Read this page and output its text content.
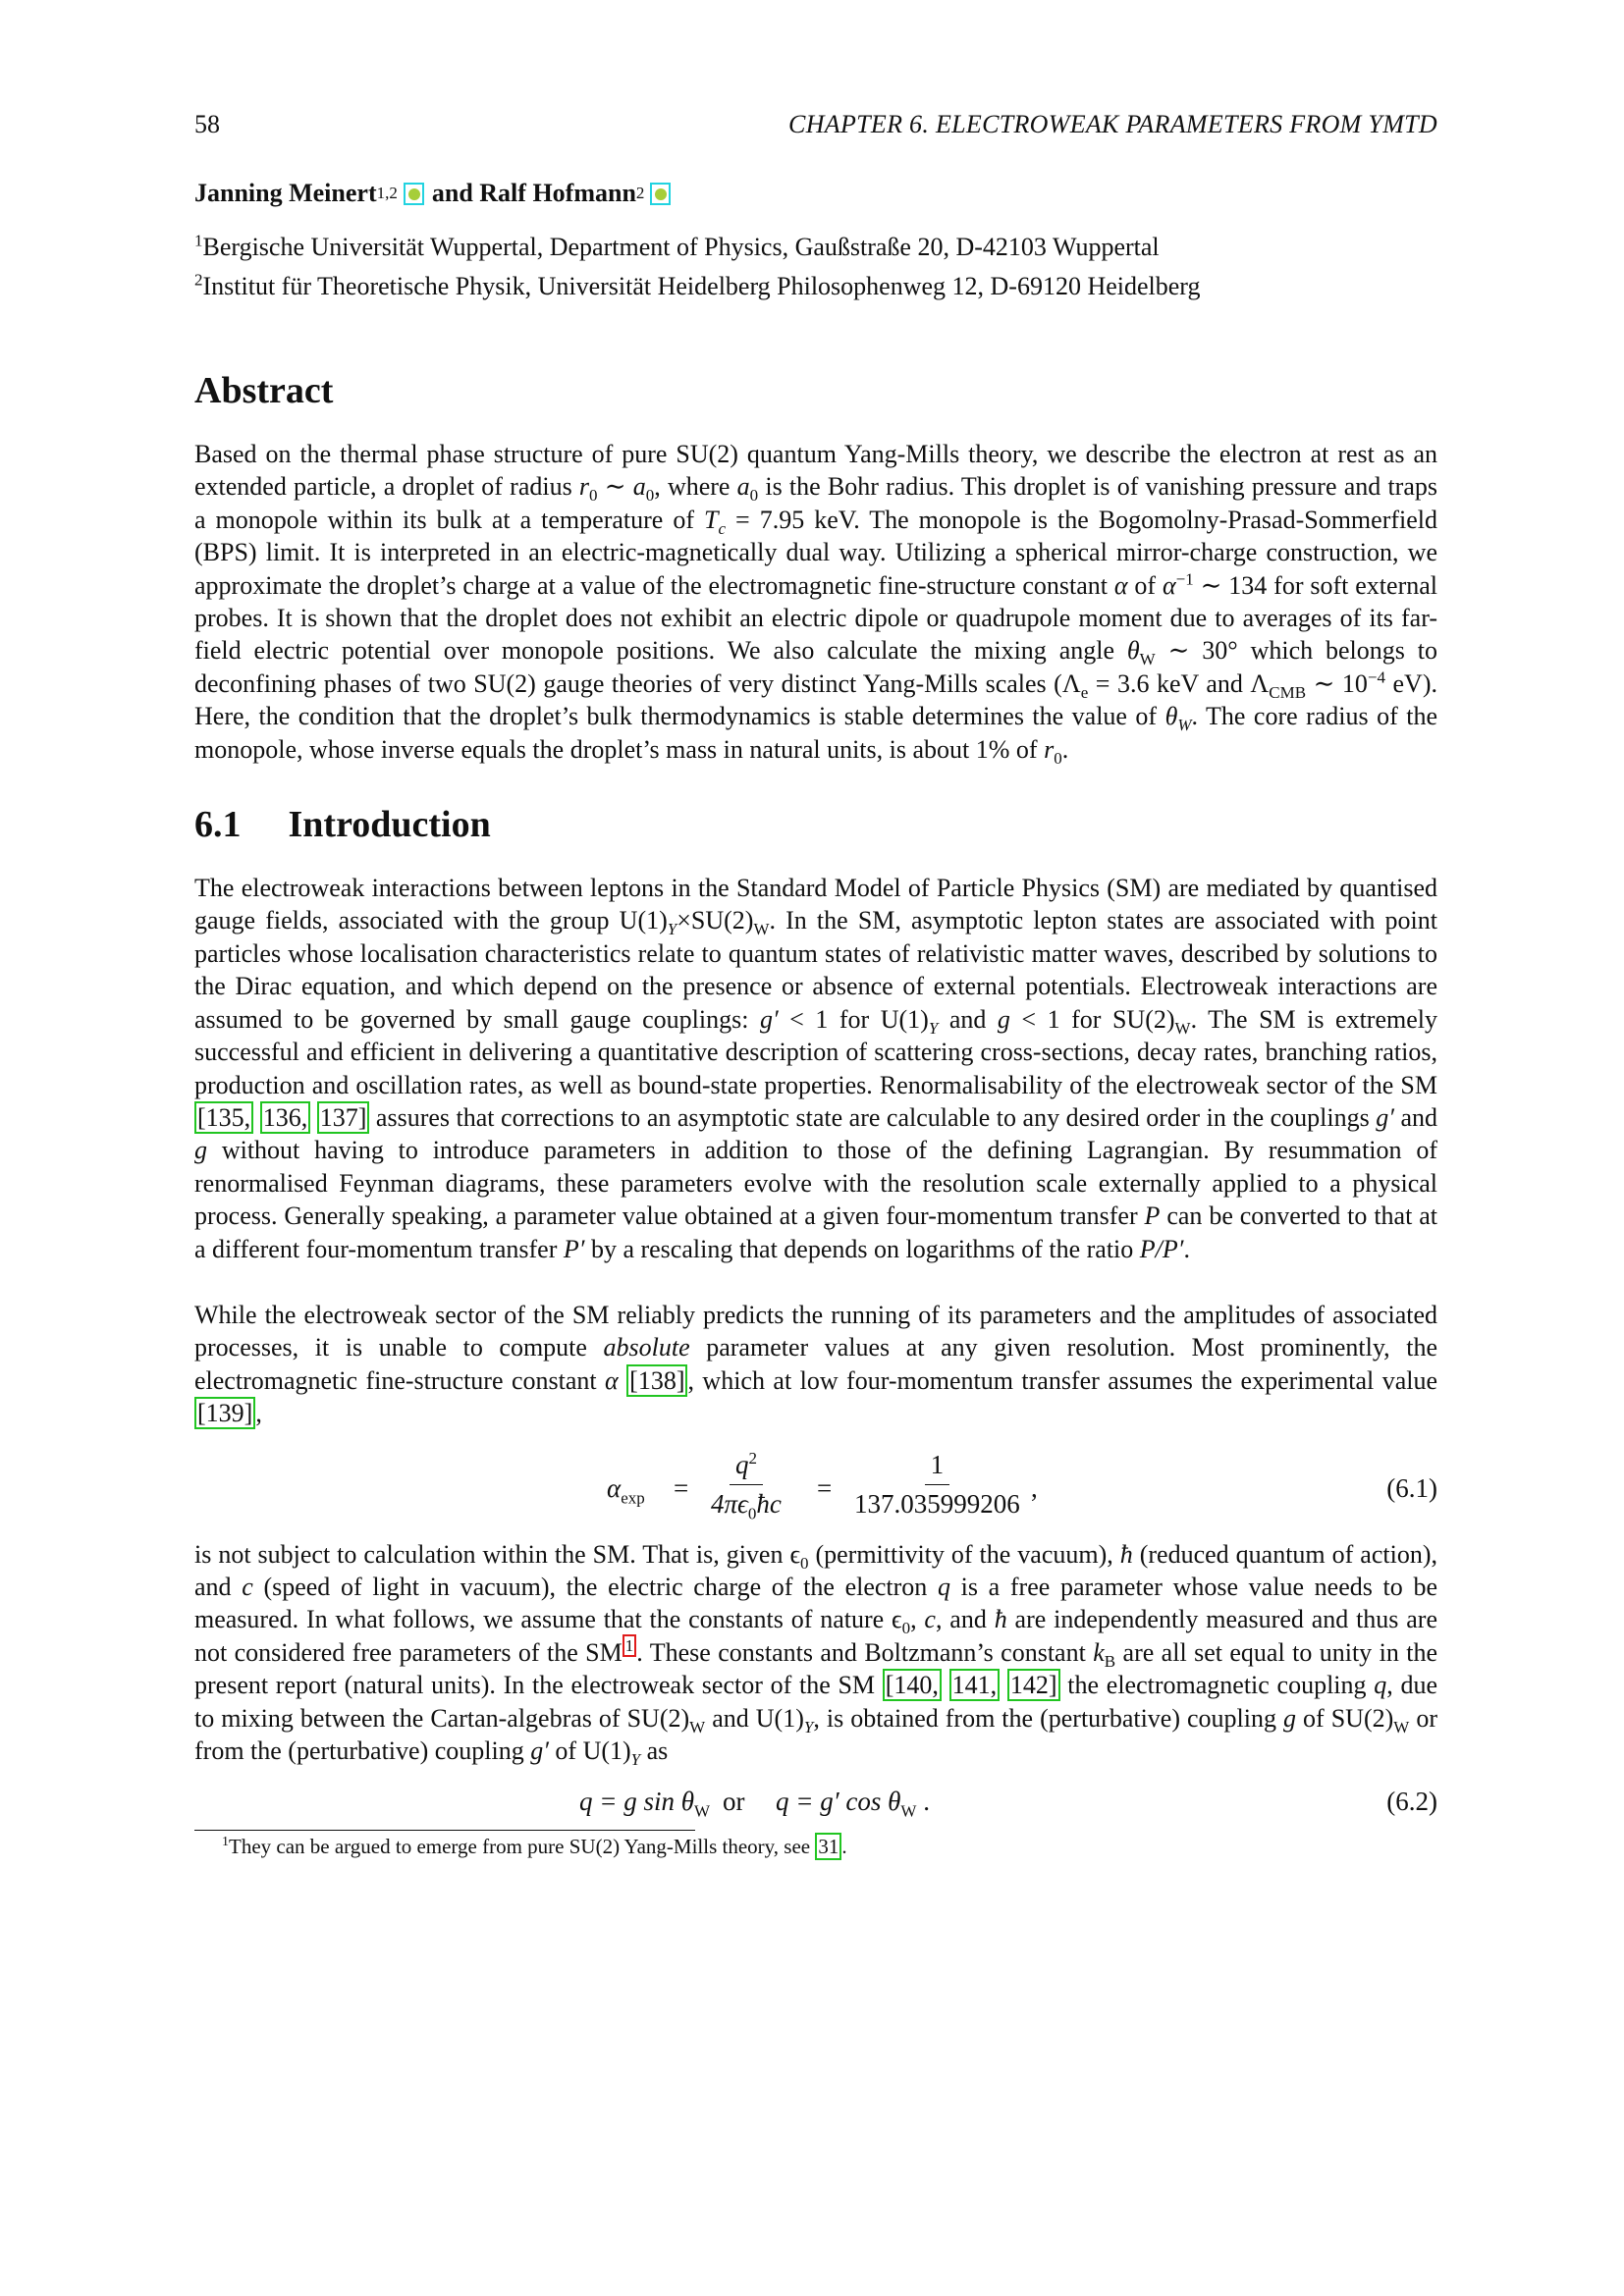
58	CHAPTER 6. ELECTROWEAK PARAMETERS FROM YMTD
Janning Meinert 1,2 and
Ralf Hofmann 2
$^1$Bergische Universität Wuppertal, Department of Physics, Gaußstraße 20, D-42103 Wuppertal
$^2$Institut für Theoretische Physik, Universität Heidelberg Philosophenweg 12, D-69120 Heidelberg
Abstract

Based on the thermal phase structure of pure SU(2) quantum Yang-Mills theory, we describe the electron at rest as an extended particle, a droplet of radius $r_0$ ∼ $a_0$, where $a_0$ is the Bohr radius. This droplet is of vanishing pressure and traps a monopole within its bulk at a temperature of $T_c = 7.95$ keV. The monopole is the Bogomolny-Prasad-Sommerfield (BPS) limit. It is interpreted in an electric-magnetically dual way. Utilizing a spherical mirror-charge construction, we approximate the droplet’s charge at a value of the electromagnetic fine-structure constant α of $\alpha^{-1}$ ∼ 134 for soft external probes. It is shown that the droplet does not exhibit an electric dipole or quadrupole moment due to averages of its far-field electric potential over monopole positions. We also calculate the mixing angle $\theta_W$ ∼ 30° which belongs to deconfining phases of two SU(2) gauge theories of very distinct Yang-Mills scales ($\Lambda_e = 3.6$ keV and $\Lambda_{CMB}$ ∼ $10^{-4}$ eV). Here, the condition that the droplet’s bulk thermodynamics is stable determines the value of $\theta_W$. The core radius of the monopole, whose inverse equals the droplet’s mass in natural units, is about 1% of $r_0$.

6.1 Introduction

The electroweak interactions between leptons in the Standard Model of Particle Physics (SM) are mediated by quantised gauge fields, associated with the group $U(1)_Y\times SU(2)_W$. In the SM, asymptotic lepton states are associated with point particles whose localisation characteristics relate to quantum states of relativistic matter waves, described by solutions to the Dirac equation, and which depend on the presence or absence of external potentials. Electroweak interactions are assumed to be governed by small gauge couplings: g′ < 1 for $U(1)_Y$ and g < 1 for $SU(2)_W$. The SM is extremely successful and efficient in delivering a quantitative description of scattering cross-sections, decay rates, branching ratios, production and oscillation rates, as well as bound-state properties. Renormalisability of the electroweak sector of the SM [135, 136, 137] assures that corrections to an asymptotic state are calculable to any desired order in the couplings g′ and g without having to introduce parameters in addition to those of the defining Lagrangian. By resummation of renormalised Feynman diagrams, these parameters evolve with the resolution scale externally applied to a physical process. Generally speaking, a parameter value obtained at a given four-momentum transfer P can be converted to that at a different four-momentum transfer P′ by a rescaling that depends on logarithms of the ratio P/P′.

While the electroweak sector of the SM reliably predicts the running of its parameters and the amplitudes of associated processes, it is unable to compute absolute parameter values at any given resolution. Most prominently, the electromagnetic fine-structure constant α [138] , which at low four-momentum transfer assumes the experimental value [139] ,

$\alpha_{exp} = \frac{q^2}{4\pi\epsilon_0ħc} = \frac{1}{137.035999206}$ ,	(6.1)

is not subject to calculation within the SM. That is, given $\epsilon_0$ (permittivity of the vacuum), ħ (reduced quantum of action), and c (speed of light in vacuum), the electric charge of the electron q is a free parameter whose value needs to be measured. In what follows, we assume that the constants of nature $\epsilon_0$, c, and ħ are independently measured and thus are not considered free parameters of the SM $^1$ . These constants and Boltzmann’s constant $k_B$ are all set equal to unity in the present report (natural units). In the electroweak sector of the SM [140, 141, 142] the electromagnetic coupling q, due to mixing between the Cartan-algebras of $SU(2)_W$ and $U(1)_Y$, is obtained from the (perturbative) coupling g of $SU(2)_W$ or from the (perturbative) coupling g′ of $U(1)_Y$ as

q = g $\sin \theta_W$ or q = g′ $\cos \theta_W$ .	(6.2)
$^1$They can be argued to emerge from pure SU(2) Yang-Mills theory, see 31 .
